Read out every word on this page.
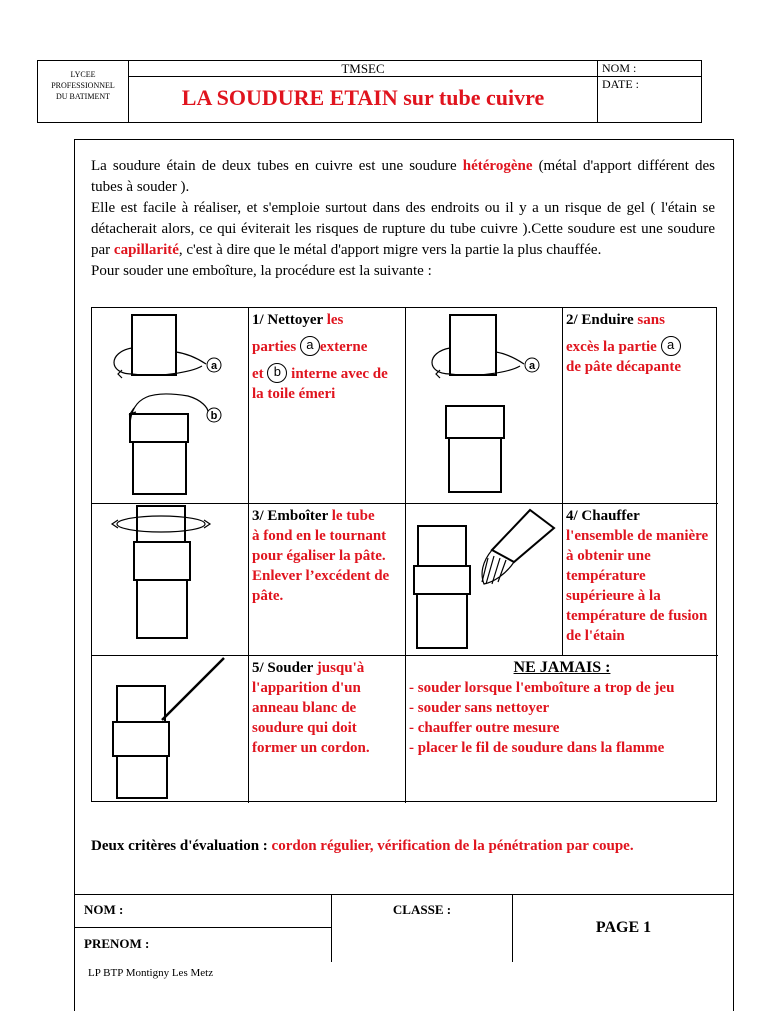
LYCEE
PROFESSIONNEL
DU BATIMENT
TMSEC
LA SOUDURE ETAIN sur tube cuivre
NOM :
DATE :

La soudure étain de deux tubes en cuivre est une soudure hétérogène (métal d'apport différent des tubes à souder ).

Elle est facile à réaliser, et s'emploie surtout dans des endroits ou il y a un risque de gel ( l'étain se détacherait alors, ce qui éviterait les risques de rupture du tube cuivre ).Cette soudure est une soudure par capillarité, c'est à dire que le métal d'apport migre vers la partie la plus chauffée.

Pour souder une emboîture, la procédure est la suivante :

a
b
1/ Nettoyer les
parties a externe
et b interne avec de la toile émeri
a
2/ Enduire sans
excès la partie a
de pâte décapante
3/ Emboîter le tube
à fond en le tournant pour égaliser la pâte. Enlever l’excédent de pâte.
4/ Chauffer
l'ensemble de manière à obtenir une température supérieure à la température de fusion de l'étain
5/ Souder jusqu'à
l'apparition d'un anneau blanc de soudure qui doit former un cordon.
NE JAMAIS :
- souder lorsque l'emboîture a trop de jeu
- souder sans nettoyer
- chauffer outre mesure
- placer le fil de soudure dans la flamme
Deux critères d'évaluation : cordon régulier, vérification de la pénétration par coupe.
NOM :
PRENOM :
CLASSE :
PAGE 1
LP BTP Montigny Les Metz
